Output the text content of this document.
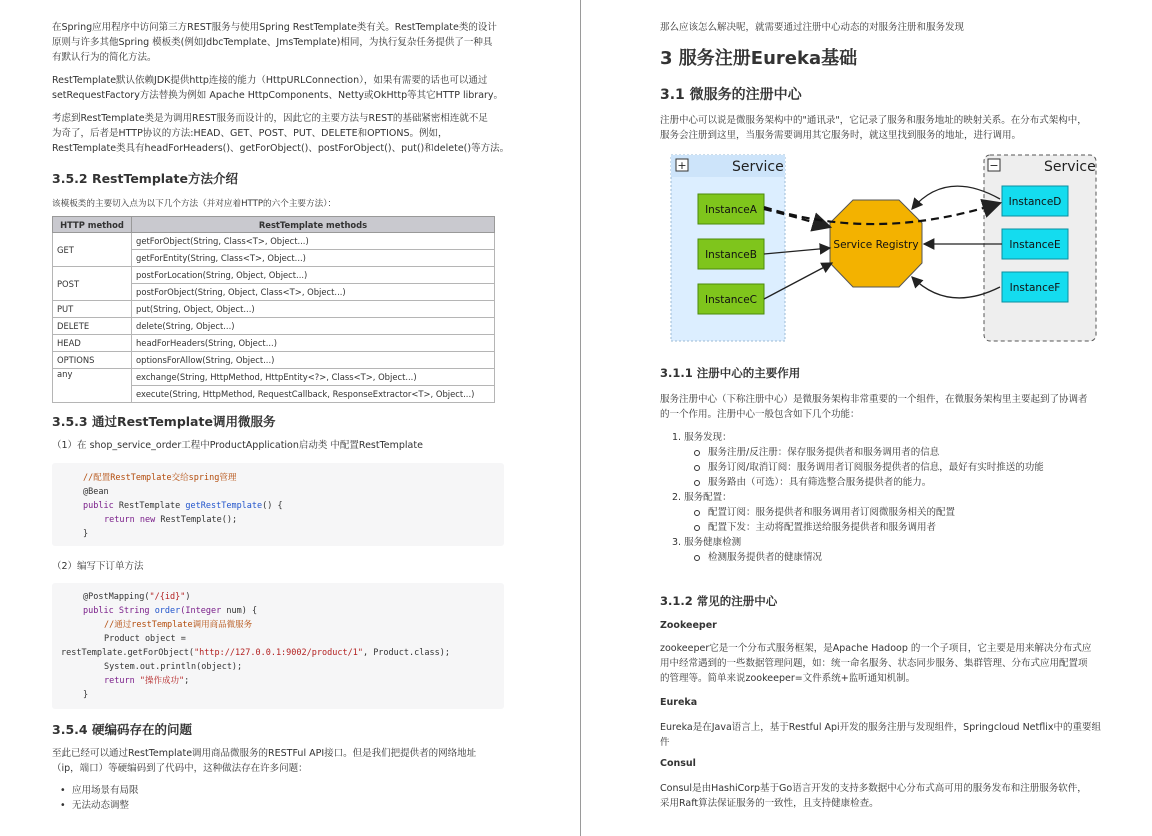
在Spring应用程序中访问第三方REST服务与使用Spring RestTemplate类有关。RestTemplate类的设计
原则与许多其他Spring 模板类(例如JdbcTemplate、JmsTemplate)相同，为执行复杂任务提供了一种具
有默认行为的简化方法。
RestTemplate默认依赖JDK提供http连接的能力（HttpURLConnection），如果有需要的话也可以通过
setRequestFactory方法替换为例如 Apache HttpComponents、Netty或OkHttp等其它HTTP library。
考虑到RestTemplate类是为调用REST服务而设计的，因此它的主要方法与REST的基础紧密相连就不足
为奇了，后者是HTTP协议的方法:HEAD、GET、POST、PUT、DELETE和OPTIONS。例如，
RestTemplate类具有headForHeaders()、getForObject()、postForObject()、put()和delete()等方法。
3.5.2 RestTemplate方法介绍
该模板类的主要切入点为以下几个方法（并对应着HTTP的六个主要方法）：
HTTP method	RestTemplate methods
GET	getForObject(String, Class<T>, Object...)
	getForEntity(String, Class<T>, Object...)
POST	postForLocation(String, Object, Object...)
	postForObject(String, Object, Class<T>, Object...)
PUT	put(String, Object, Object...)
DELETE	delete(String, Object...)
HEAD	headForHeaders(String, Object...)
OPTIONS	optionsForAllow(String, Object...)
any	exchange(String, HttpMethod, HttpEntity<?>, Class<T>, Object...)
	execute(String, HttpMethod, RequestCallback, ResponseExtractor<T>, Object...)
3.5.3 通过RestTemplate调用微服务
（1）在 shop_service_order工程中ProductApplication启动类 中配置RestTemplate
//配置RestTemplate交给spring管理
@Bean
public RestTemplate getRestTemplate() {
return new RestTemplate();
}
（2）编写下订单方法
@PostMapping("/{id}")
public String order(Integer num) {
//通过restTemplate调用商品微服务
Product object =
restTemplate.getForObject("http://127.0.0.1:9002/product/1", Product.class);
System.out.println(object);
return "操作成功";
}
3.5.4 硬编码存在的问题
至此已经可以通过RestTemplate调用商品微服务的RESTFul API接口。但是我们把提供者的网络地址
（ip，端口）等硬编码到了代码中，这种做法存在许多问题：
• 应用场景有局限
• 无法动态调整
那么应该怎么解决呢，就需要通过注册中心动态的对服务注册和服务发现
3 服务注册Eureka基础
3.1 微服务的注册中心
注册中心可以说是微服务架构中的"通讯录"，它记录了服务和服务地址的映射关系。在分布式架构中，
服务会注册到这里，当服务需要调用其它服务时，就这里找到服务的地址，进行调用。
+	Service	−	Service
InstanceA
InstanceB
InstanceC
InstanceD
InstanceE
InstanceF
Service Registry
3.1.1 注册中心的主要作用
服务注册中心（下称注册中心）是微服务架构非常重要的一个组件，在微服务架构里主要起到了协调者
的一个作用。注册中心一般包含如下几个功能：
1. 服务发现：
服务注册/反注册：保存服务提供者和服务调用者的信息
服务订阅/取消订阅：服务调用者订阅服务提供者的信息，最好有实时推送的功能
服务路由（可选）：具有筛选整合服务提供者的能力。
2. 服务配置：
配置订阅：服务提供者和服务调用者订阅微服务相关的配置
配置下发：主动将配置推送给服务提供者和服务调用者
3. 服务健康检测
检测服务提供者的健康情况
3.1.2 常见的注册中心
Zookeeper
zookeeper它是一个分布式服务框架，是Apache Hadoop 的一个子项目，它主要是用来解决分布式应
用中经常遇到的一些数据管理问题，如：统一命名服务、状态同步服务、集群管理、分布式应用配置项
的管理等。简单来说zookeeper=文件系统+监听通知机制。
Eureka
Eureka是在Java语言上，基于Restful Api开发的服务注册与发现组件，Springcloud Netflix中的重要组
件
Consul
Consul是由HashiCorp基于Go语言开发的支持多数据中心分布式高可用的服务发布和注册服务软件，
采用Raft算法保证服务的一致性，且支持健康检查。
